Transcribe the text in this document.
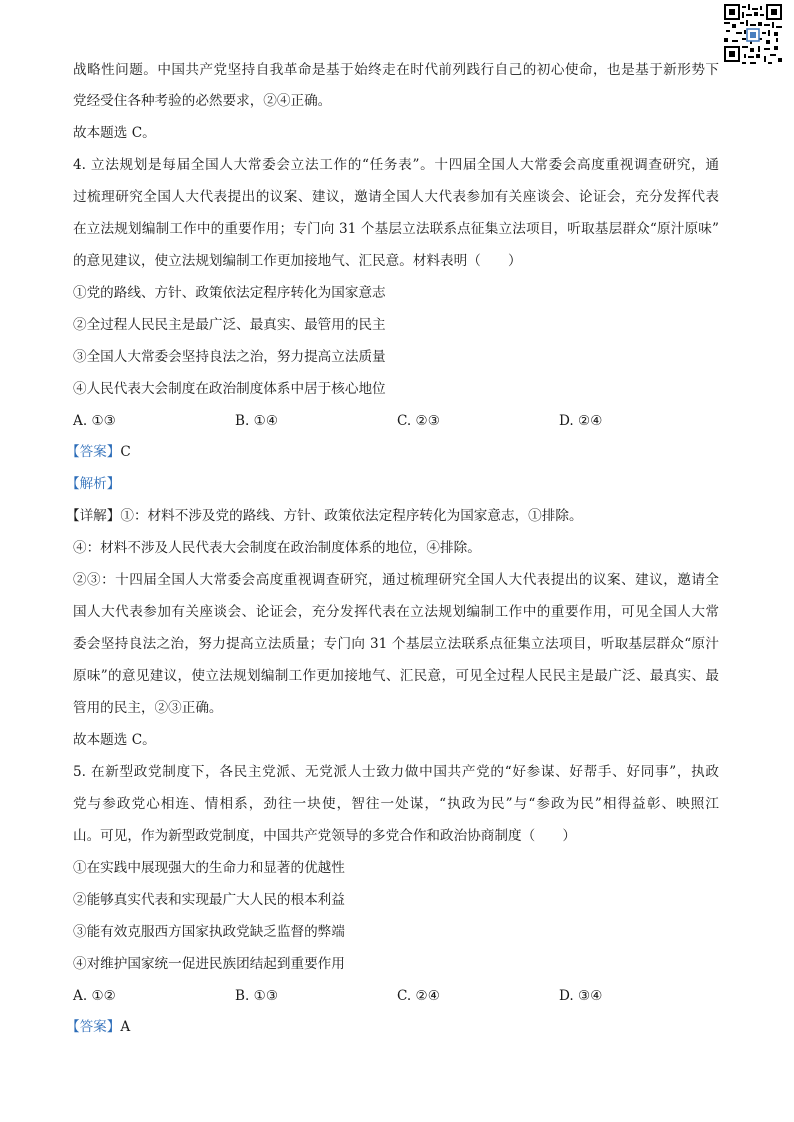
战略性问题。中国共产党坚持自我革命是基于始终走在时代前列践行自己的初心使命，也是基于新形势下
党经受住各种考验的必然要求，②④正确。
故本题选 C。
4. 立法规划是每届全国人大常委会立法工作的“任务表”。十四届全国人大常委会高度重视调查研究，通
过梳理研究全国人大代表提出的议案、建议，邀请全国人大代表参加有关座谈会、论证会，充分发挥代表
在立法规划编制工作中的重要作用；专门向 31 个基层立法联系点征集立法项目，听取基层群众“原汁原味”
的意见建议，使立法规划编制工作更加接地气、汇民意。材料表明（　　）
①党的路线、方针、政策依法定程序转化为国家意志
②全过程人民民主是最广泛、最真实、最管用的民主
③全国人大常委会坚持良法之治，努力提高立法质量
④人民代表大会制度在政治制度体系中居于核心地位
A. ①③	B. ①④	C. ②③	D. ②④
【答案】C
【解析】
【详解】①：材料不涉及党的路线、方针、政策依法定程序转化为国家意志，①排除。
④：材料不涉及人民代表大会制度在政治制度体系的地位，④排除。
②③：十四届全国人大常委会高度重视调查研究，通过梳理研究全国人大代表提出的议案、建议，邀请全
国人大代表参加有关座谈会、论证会，充分发挥代表在立法规划编制工作中的重要作用，可见全国人大常
委会坚持良法之治，努力提高立法质量；专门向 31 个基层立法联系点征集立法项目，听取基层群众“原汁
原味”的意见建议，使立法规划编制工作更加接地气、汇民意，可见全过程人民民主是最广泛、最真实、最
管用的民主，②③正确。
故本题选 C。
5. 在新型政党制度下，各民主党派、无党派人士致力做中国共产党的“好参谋、好帮手、好同事”，执政
党与参政党心相连、情相系，劲往一块使，智往一处谋，“执政为民”与“参政为民”相得益彰、映照江
山。可见，作为新型政党制度，中国共产党领导的多党合作和政治协商制度（　　）
①在实践中展现强大的生命力和显著的优越性
②能够真实代表和实现最广大人民的根本利益
③能有效克服西方国家执政党缺乏监督的弊端
④对维护国家统一促进民族团结起到重要作用
A. ①②	B. ①③	C. ②④	D. ③④
【答案】A
